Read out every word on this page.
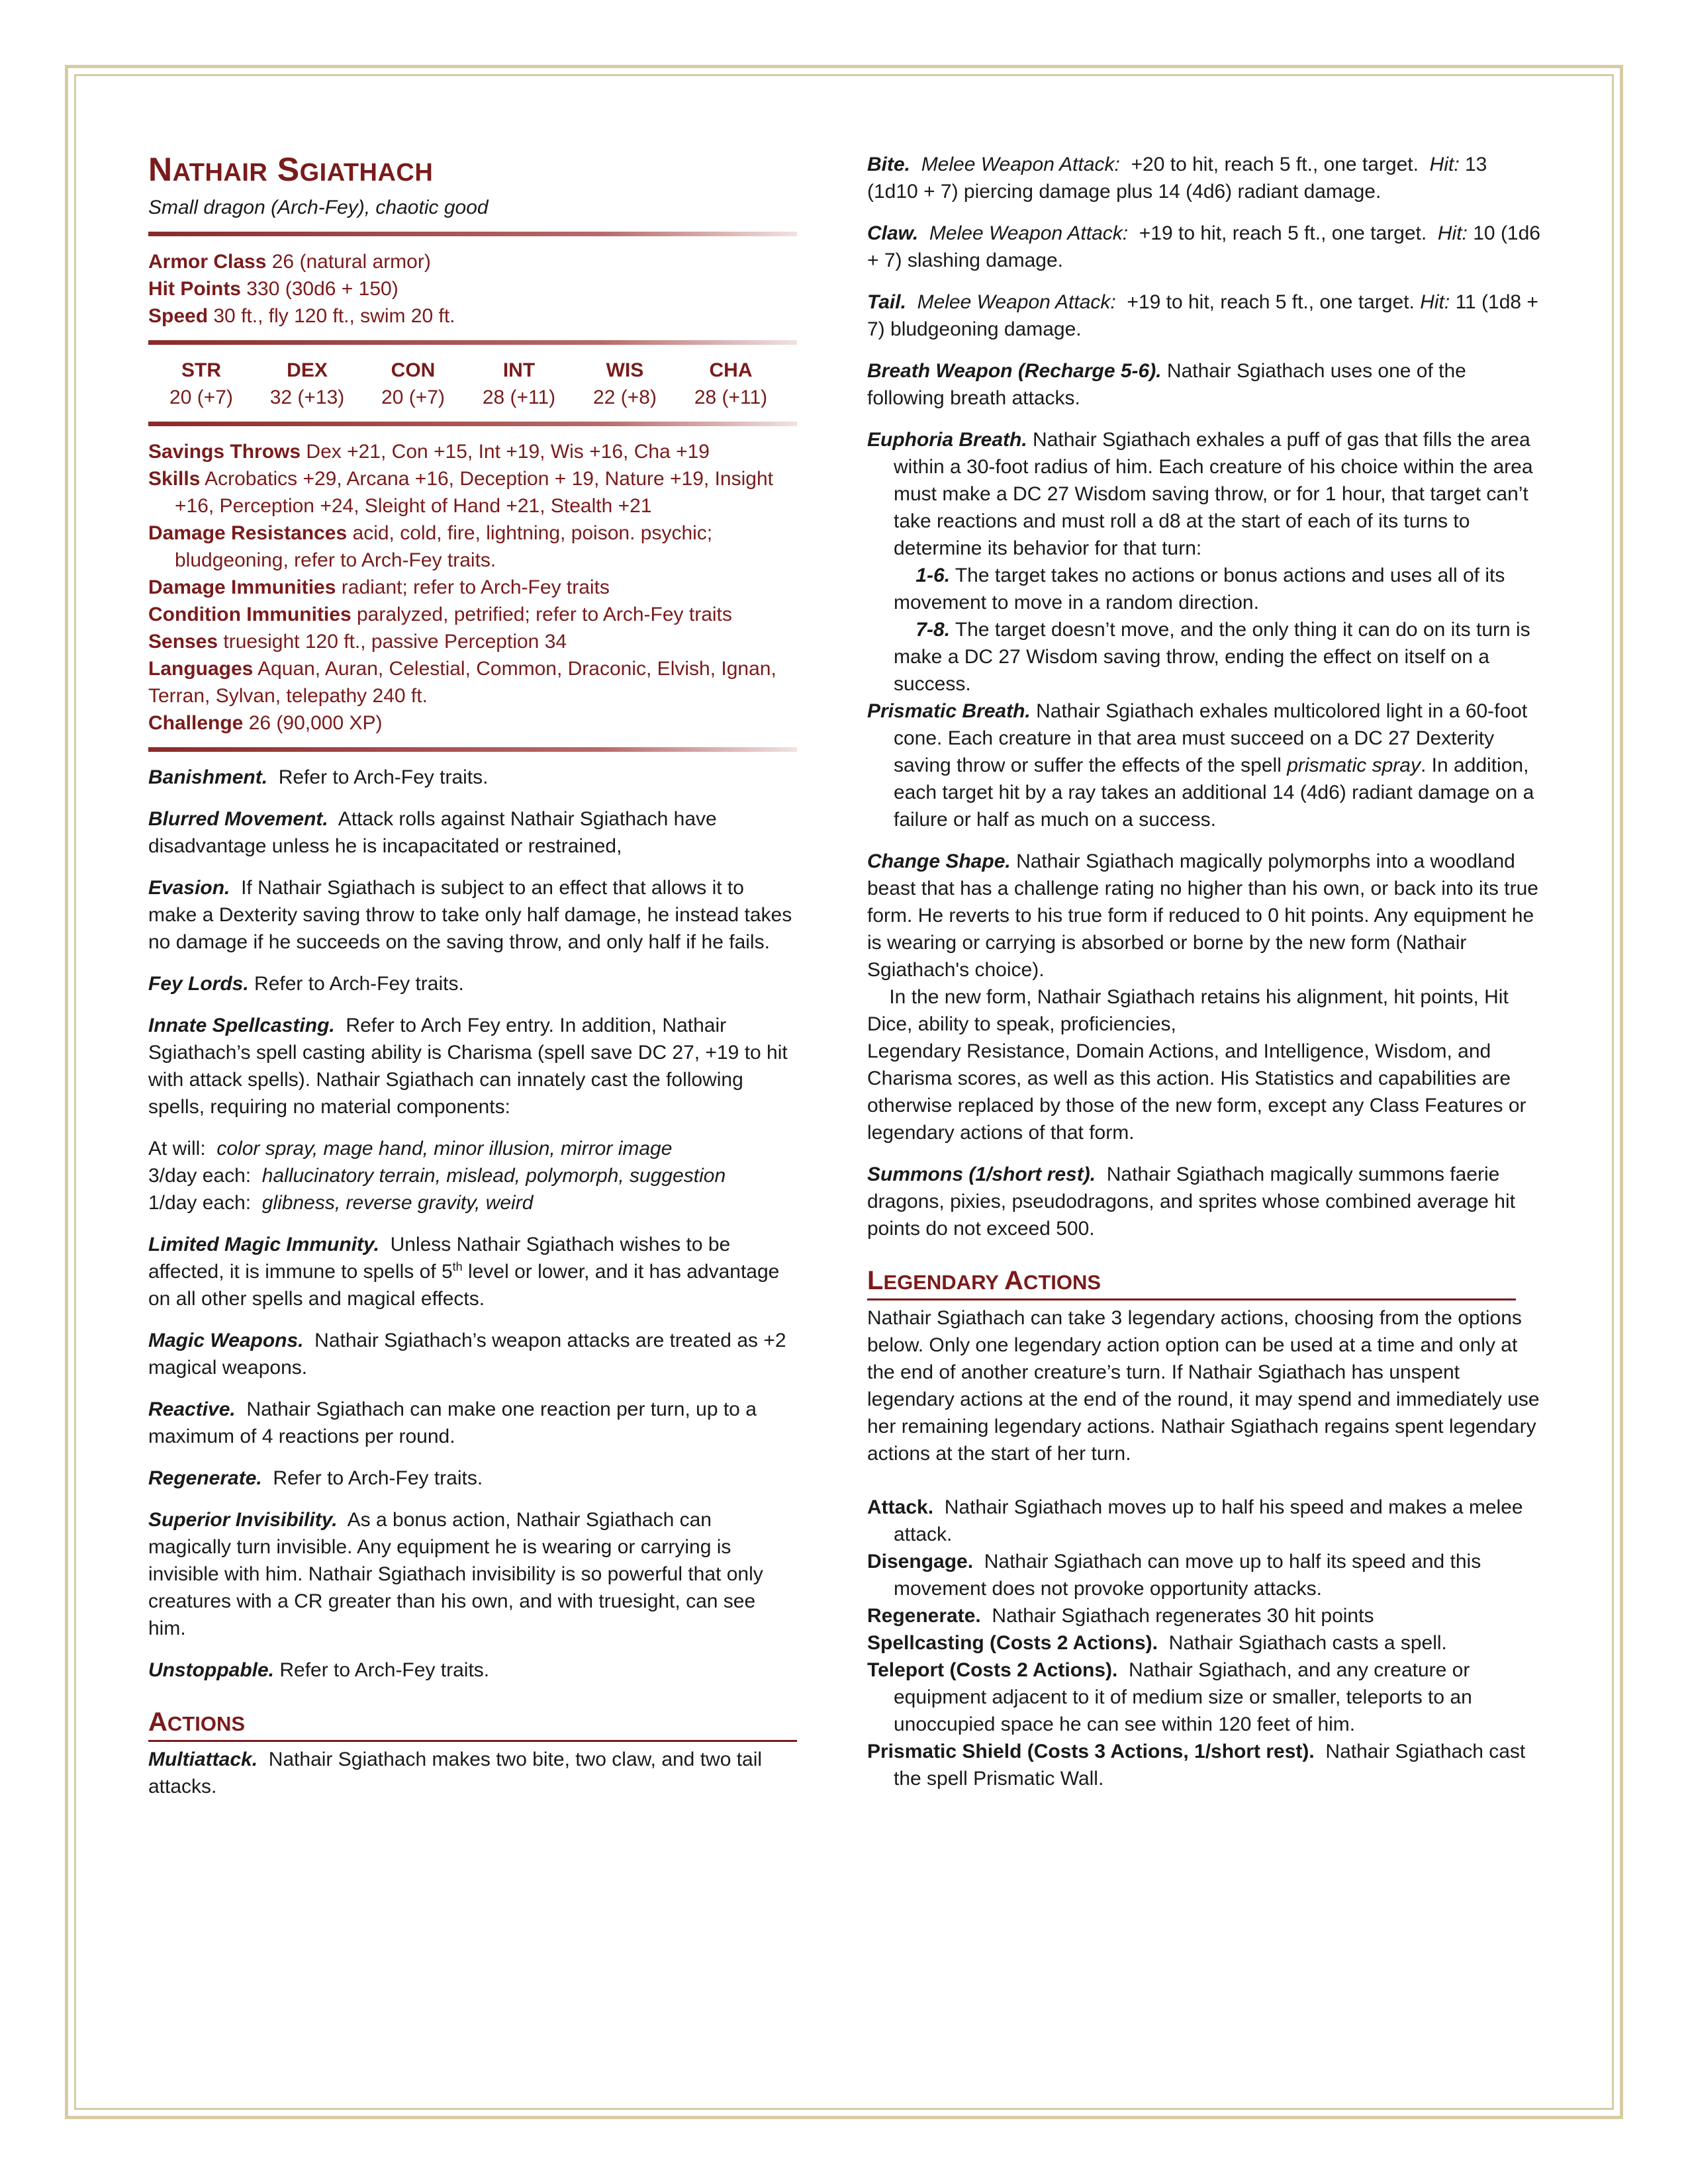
NATHAIR SGIATHACH

Small dragon (Arch-Fey), chaotic good

Armor Class 26 (natural armor)

Hit Points 330 (30d6 + 150)

Speed 30 ft., fly 120 ft., swim 20 ft.

STR	DEX	CON	INT	WIS	CHA
20 (+7)	32 (+13)	20 (+7)	28 (+11)	22 (+8)	28 (+11)

Savings Throws Dex +21, Con +15, Int +19, Wis +16, Cha +19

Skills Acrobatics +29, Arcana +16, Deception + 19, Nature +19, Insight +16, Perception +24, Sleight of Hand +21, Stealth +21

Damage Resistances acid, cold, fire, lightning, poison. psychic; bludgeoning, refer to Arch-Fey traits.

Damage Immunities radiant; refer to Arch-Fey traits

Condition Immunities paralyzed, petrified; refer to Arch-Fey traits

Senses truesight 120 ft., passive Perception 34

Languages Aquan, Auran, Celestial, Common, Draconic, Elvish, Ignan, Terran, Sylvan, telepathy 240 ft.

Challenge 26 (90,000 XP)

Banishment. Refer to Arch-Fey traits.

Blurred Movement. Attack rolls against Nathair Sgiathach have disadvantage unless he is incapacitated or restrained,

Evasion. If Nathair Sgiathach is subject to an effect that allows it to make a Dexterity saving throw to take only half damage, he instead takes no damage if he succeeds on the saving throw, and only half if he fails.

Fey Lords. Refer to Arch-Fey traits.

Innate Spellcasting. Refer to Arch Fey entry. In addition, Nathair Sgiathach’s spell casting ability is Charisma (spell save DC 27, +19 to hit with attack spells). Nathair Sgiathach can innately cast the following spells, requiring no material components:

At will: color spray, mage hand, minor illusion, mirror image

3/day each: hallucinatory terrain, mislead, polymorph, suggestion

1/day each: glibness, reverse gravity, weird

Limited Magic Immunity. Unless Nathair Sgiathach wishes to be affected, it is immune to spells of 5th level or lower, and it has advantage on all other spells and magical effects.

Magic Weapons. Nathair Sgiathach’s weapon attacks are treated as +2 magical weapons.

Reactive. Nathair Sgiathach can make one reaction per turn, up to a maximum of 4 reactions per round.

Regenerate. Refer to Arch-Fey traits.

Superior Invisibility. As a bonus action, Nathair Sgiathach can magically turn invisible. Any equipment he is wearing or carrying is invisible with him. Nathair Sgiathach invisibility is so powerful that only creatures with a CR greater than his own, and with truesight, can see him.

Unstoppable. Refer to Arch-Fey traits.

ACTIONS

Multiattack. Nathair Sgiathach makes two bite, two claw, and two tail attacks.

Bite. Melee Weapon Attack: +20 to hit, reach 5 ft., one target. Hit: 13 (1d10 + 7) piercing damage plus 14 (4d6) radiant damage.

Claw. Melee Weapon Attack: +19 to hit, reach 5 ft., one target. Hit: 10 (1d6 + 7) slashing damage.

Tail. Melee Weapon Attack: +19 to hit, reach 5 ft., one target. Hit: 11 (1d8 + 7) bludgeoning damage.

Breath Weapon (Recharge 5-6). Nathair Sgiathach uses one of the following breath attacks.

Euphoria Breath. Nathair Sgiathach exhales a puff of gas that fills the area within a 30-foot radius of him. Each creature of his choice within the area must make a DC 27 Wisdom saving throw, or for 1 hour, that target can’t take reactions and must roll a d8 at the start of each of its turns to determine its behavior for that turn:

1-6. The target takes no actions or bonus actions and uses all of its movement to move in a random direction.

7-8. The target doesn’t move, and the only thing it can do on its turn is make a DC 27 Wisdom saving throw, ending the effect on itself on a success.

Prismatic Breath. Nathair Sgiathach exhales multicolored light in a 60-foot cone. Each creature in that area must succeed on a DC 27 Dexterity saving throw or suffer the effects of the spell prismatic spray. In addition, each target hit by a ray takes an additional 14 (4d6) radiant damage on a failure or half as much on a success.

Change Shape. Nathair Sgiathach magically polymorphs into a woodland beast that has a challenge rating no higher than his own, or back into its true form. He reverts to his true form if reduced to 0 hit points. Any equipment he is wearing or carrying is absorbed or borne by the new form (Nathair Sgiathach's choice).

In the new form, Nathair Sgiathach retains his alignment, hit points, Hit Dice, ability to speak, proficiencies,

Legendary Resistance, Domain Actions, and Intelligence, Wisdom, and Charisma scores, as well as this action. His Statistics and capabilities are otherwise replaced by those of the new form, except any Class Features or legendary actions of that form.

Summons (1/short rest). Nathair Sgiathach magically summons faerie dragons, pixies, pseudodragons, and sprites whose combined average hit points do not exceed 500.

LEGENDARY ACTIONS

Nathair Sgiathach can take 3 legendary actions, choosing from the options below. Only one legendary action option can be used at a time and only at the end of another creature’s turn. If Nathair Sgiathach has unspent legendary actions at the end of the round, it may spend and immediately use her remaining legendary actions. Nathair Sgiathach regains spent legendary actions at the start of her turn.

Attack. Nathair Sgiathach moves up to half his speed and makes a melee attack.

Disengage. Nathair Sgiathach can move up to half its speed and this movement does not provoke opportunity attacks.

Regenerate. Nathair Sgiathach regenerates 30 hit points

Spellcasting (Costs 2 Actions). Nathair Sgiathach casts a spell.

Teleport (Costs 2 Actions). Nathair Sgiathach, and any creature or equipment adjacent to it of medium size or smaller, teleports to an unoccupied space he can see within 120 feet of him.

Prismatic Shield (Costs 3 Actions, 1/short rest). Nathair Sgiathach cast the spell Prismatic Wall.
